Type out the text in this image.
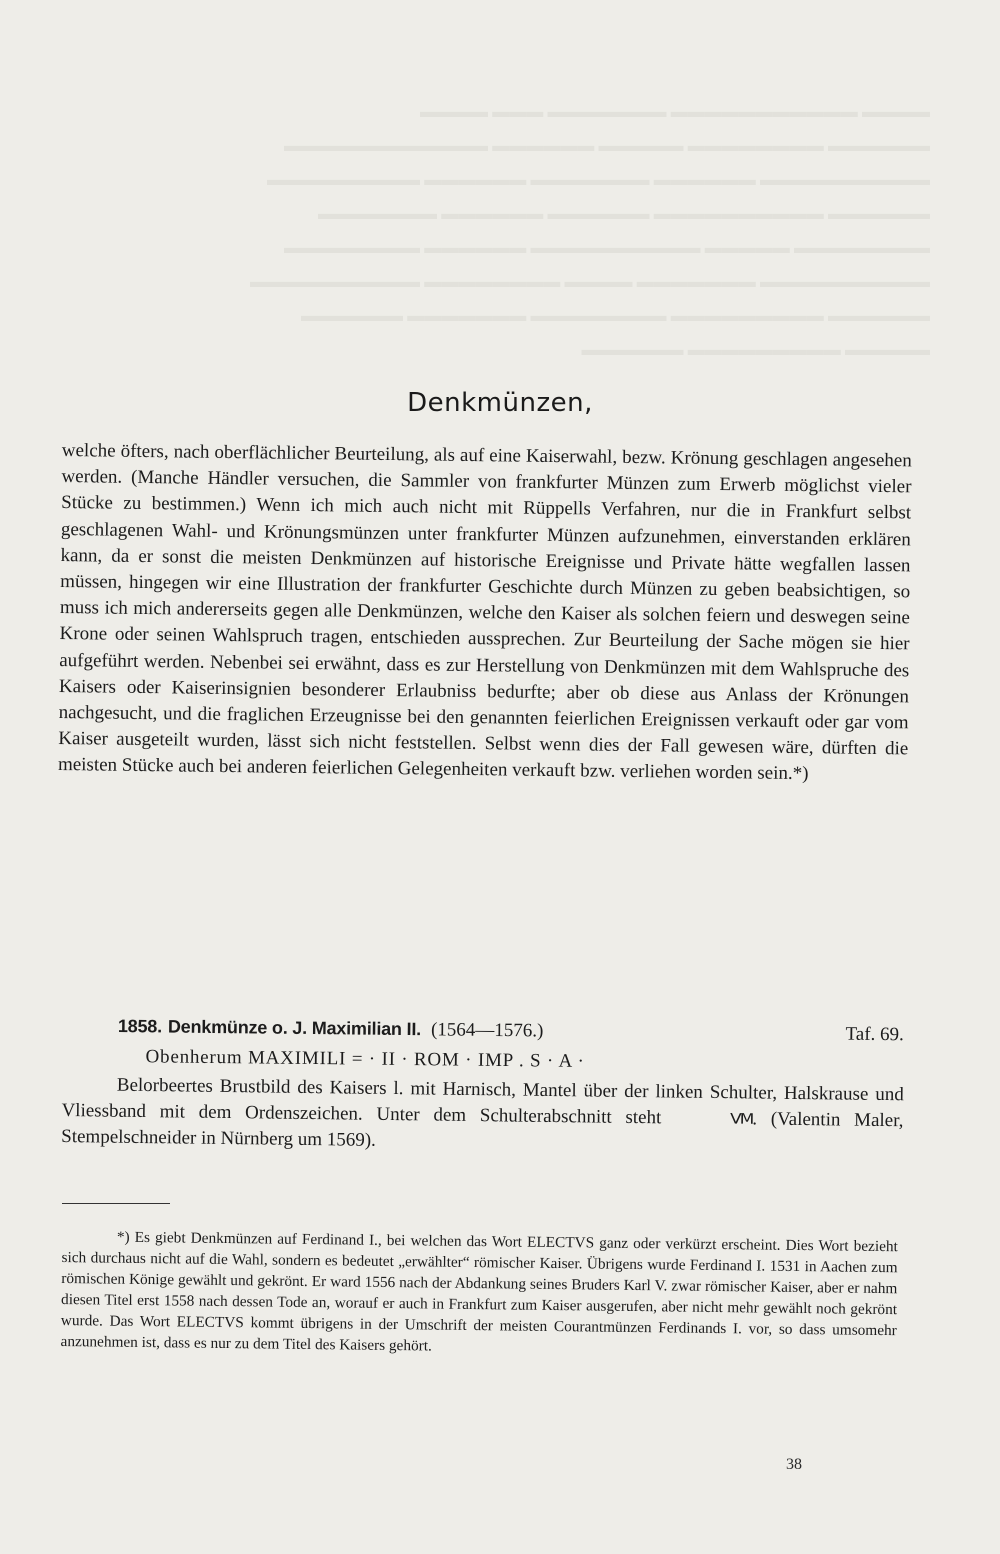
▬▬▬▬ ▬▬▬▬▬▬▬▬▬▬▬ ▬▬▬▬▬▬▬ ▬▬▬ ▬▬▬▬
▬▬▬▬▬▬ ▬▬▬▬▬▬▬▬ ▬▬▬▬▬ ▬▬▬▬▬▬ ▬▬▬▬▬▬▬▬▬▬▬▬
▬▬▬▬▬▬▬▬▬▬ ▬▬▬▬▬▬ ▬▬▬▬▬▬▬ ▬▬▬▬▬▬ ▬▬▬▬▬▬▬▬▬
▬▬▬▬▬▬ ▬▬▬▬▬▬▬▬▬▬ ▬▬▬▬▬▬ ▬▬▬▬▬▬ ▬▬▬▬▬▬▬
▬▬▬▬▬▬▬▬ ▬▬▬▬▬ ▬▬▬▬▬▬▬▬▬▬ ▬▬▬▬▬▬ ▬▬▬▬▬▬▬▬
▬▬▬▬▬▬▬▬▬▬ ▬▬▬▬▬▬▬ ▬▬▬▬ ▬▬▬▬▬▬▬▬ ▬▬▬▬▬▬▬▬▬▬
▬▬▬▬▬▬ ▬▬▬▬▬▬▬▬▬ ▬▬▬▬▬▬▬▬ ▬▬▬▬▬▬▬ ▬▬▬▬▬▬
▬▬▬▬▬ ▬▬▬▬▬▬▬▬▬ ▬▬▬▬▬▬
Denkmünzen,
welche öfters, nach oberflächlicher Beurteilung, als auf eine Kaiserwahl, bezw. Krönung geschlagen angesehen werden. (Manche Händler versuchen, die Sammler von frankfurter Münzen zum Erwerb möglichst vieler Stücke zu bestimmen.) Wenn ich mich auch nicht mit Rüppells Verfahren, nur die in Frankfurt selbst geschlagenen Wahl- und Krönungsmünzen unter frankfurter Münzen aufzunehmen, einverstanden erklären kann, da er sonst die meisten Denkmünzen auf historische Ereignisse und Private hätte wegfallen lassen müssen, hingegen wir eine Illustration der frankfurter Geschichte durch Münzen zu geben beabsichtigen, so muss ich mich andererseits gegen alle Denkmünzen, welche den Kaiser als solchen feiern und deswegen seine Krone oder seinen Wahlspruch tragen, entschieden aussprechen. Zur Beurteilung der Sache mögen sie hier aufgeführt werden. Nebenbei sei erwähnt, dass es zur Herstellung von Denkmünzen mit dem Wahlspruche des Kaisers oder Kaiserinsignien besonderer Erlaubniss bedurfte; aber ob diese aus Anlass der Krönungen nachgesucht, und die fraglichen Erzeugnisse bei den genannten feierlichen Ereignissen verkauft oder gar vom Kaiser ausgeteilt wurden, lässt sich nicht feststellen. Selbst wenn dies der Fall gewesen wäre, dürften die meisten Stücke auch bei anderen feierlichen Gelegenheiten verkauft bzw. verliehen worden sein.*)
1858. Denkmünze o. J. Maximilian II. (1564—1576.)	Taf. 69.
Obenherum MAXIMILI = · II · ROM · IMP . S · A ·
Belorbeertes Brustbild des Kaisers l. mit Harnisch, Mantel über der linken Schulter, Halskrause und Vliessband mit dem Ordenszeichen. Unter dem Schulterabschnitt steht	VM. (Valentin Maler, Stempelschneider in Nürnberg um 1569).
*) Es giebt Denkmünzen auf Ferdinand I., bei welchen das Wort ELECTVS ganz oder verkürzt erscheint. Dies Wort bezieht sich durchaus nicht auf die Wahl, sondern es bedeutet „erwählter“ römischer Kaiser. Übrigens wurde Ferdinand I. 1531 in Aachen zum römischen Könige gewählt und gekrönt. Er ward 1556 nach der Abdankung seines Bruders Karl V. zwar römischer Kaiser, aber er nahm diesen Titel erst 1558 nach dessen Tode an, worauf er auch in Frankfurt zum Kaiser ausgerufen, aber nicht mehr gewählt noch gekrönt wurde. Das Wort ELECTVS kommt übrigens in der Umschrift der meisten Courantmünzen Ferdinands I. vor, so dass umsomehr anzunehmen ist, dass es nur zu dem Titel des Kaisers gehört.
38
